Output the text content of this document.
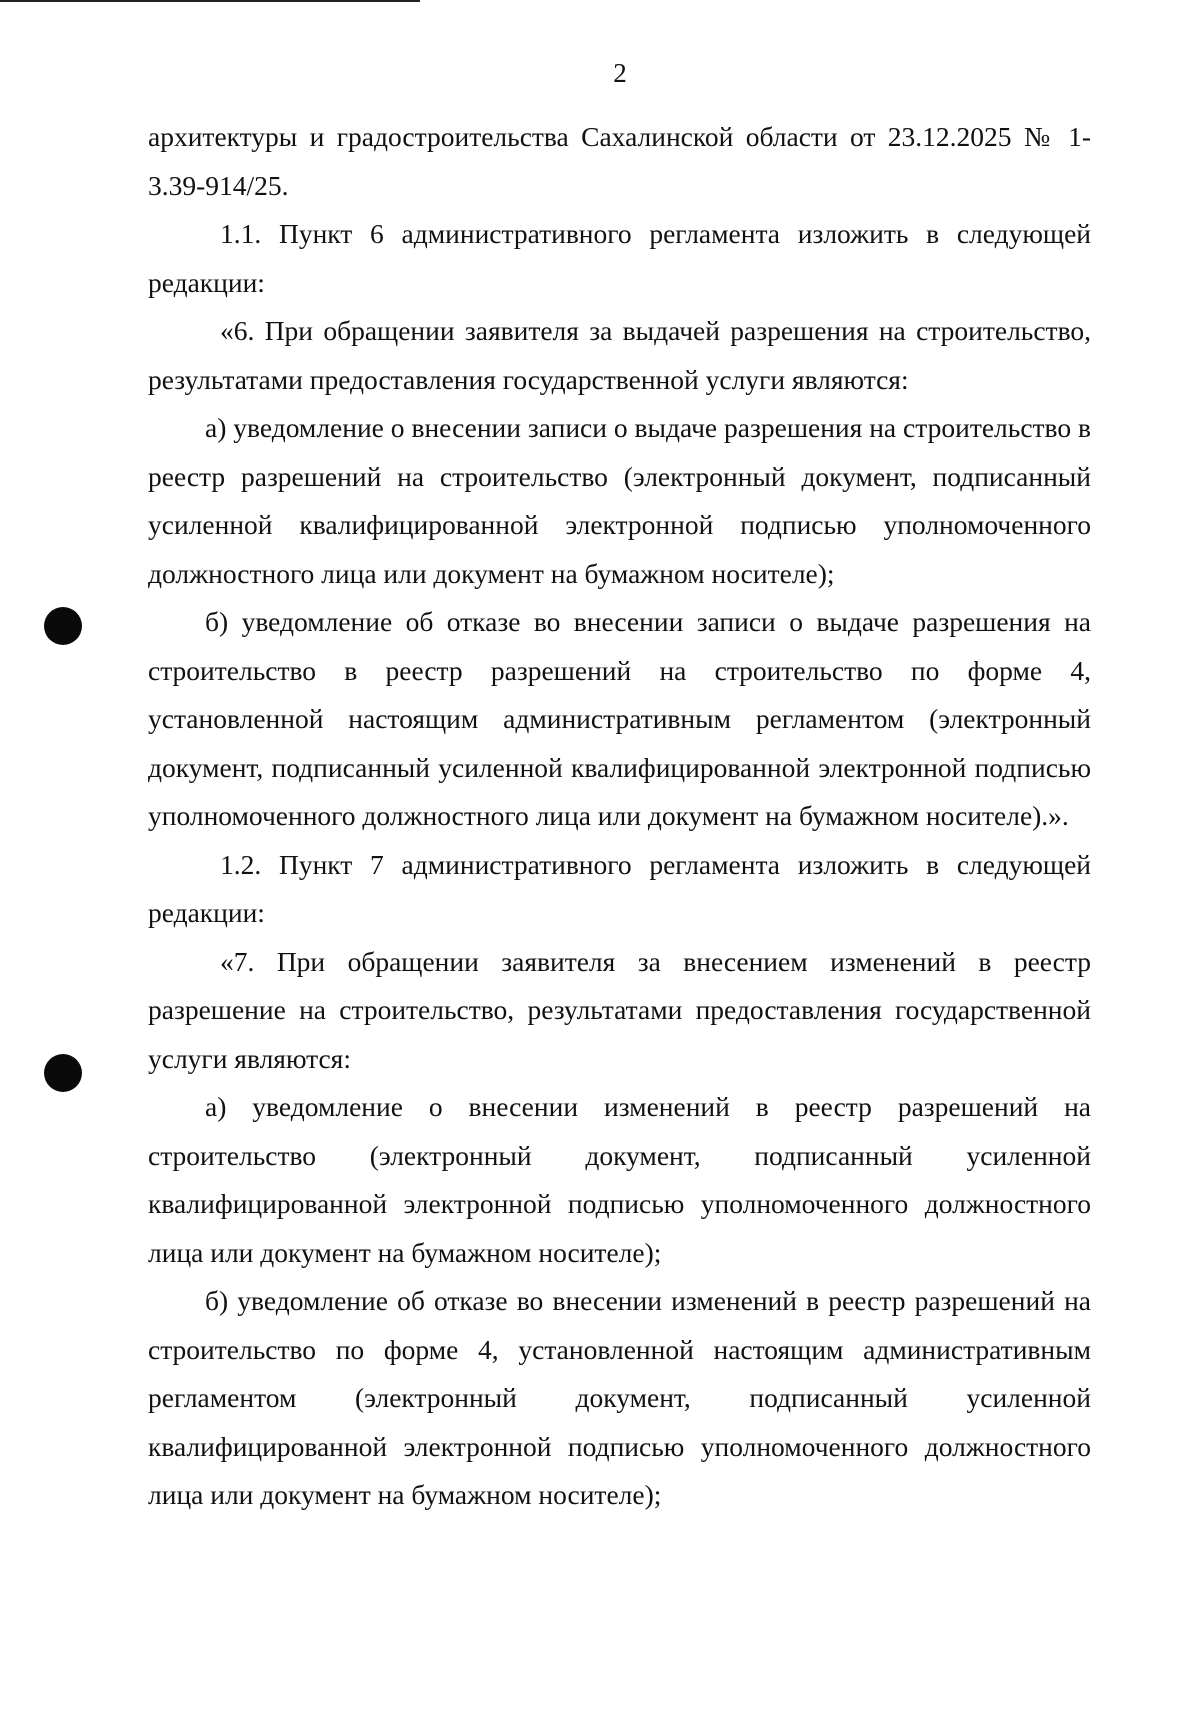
2

архитектуры и градостроительства Сахалинской области от 23.12.2025 № 1-3.39-914/25.

1.1. Пункт 6 административного регламента изложить в следующей редакции:

«6. При обращении заявителя за выдачей разрешения на строительство, результатами предоставления государственной услуги являются:

а) уведомление о внесении записи о выдаче разрешения на строительство в реестр разрешений на строительство (электронный документ, подписанный усиленной квалифицированной электронной подписью уполномоченного должностного лица или документ на бумажном носителе);

б) уведомление об отказе во внесении записи о выдаче разрешения на строительство в реестр разрешений на строительство по форме 4, установленной настоящим административным регламентом (электронный документ, подписанный усиленной квалифицированной электронной подписью уполномоченного должностного лица или документ на бумажном носителе).».

1.2. Пункт 7 административного регламента изложить в следующей редакции:

«7. При обращении заявителя за внесением изменений в реестр разрешение на строительство, результатами предоставления государственной услуги являются:

а) уведомление о внесении изменений в реестр разрешений на строительство (электронный документ, подписанный усиленной квалифицированной электронной подписью уполномоченного должностного лица или документ на бумажном носителе);

б) уведомление об отказе во внесении изменений в реестр разрешений на строительство по форме 4, установленной настоящим административным регламентом (электронный документ, подписанный усиленной квалифицированной электронной подписью уполномоченного должностного лица или документ на бумажном носителе);
